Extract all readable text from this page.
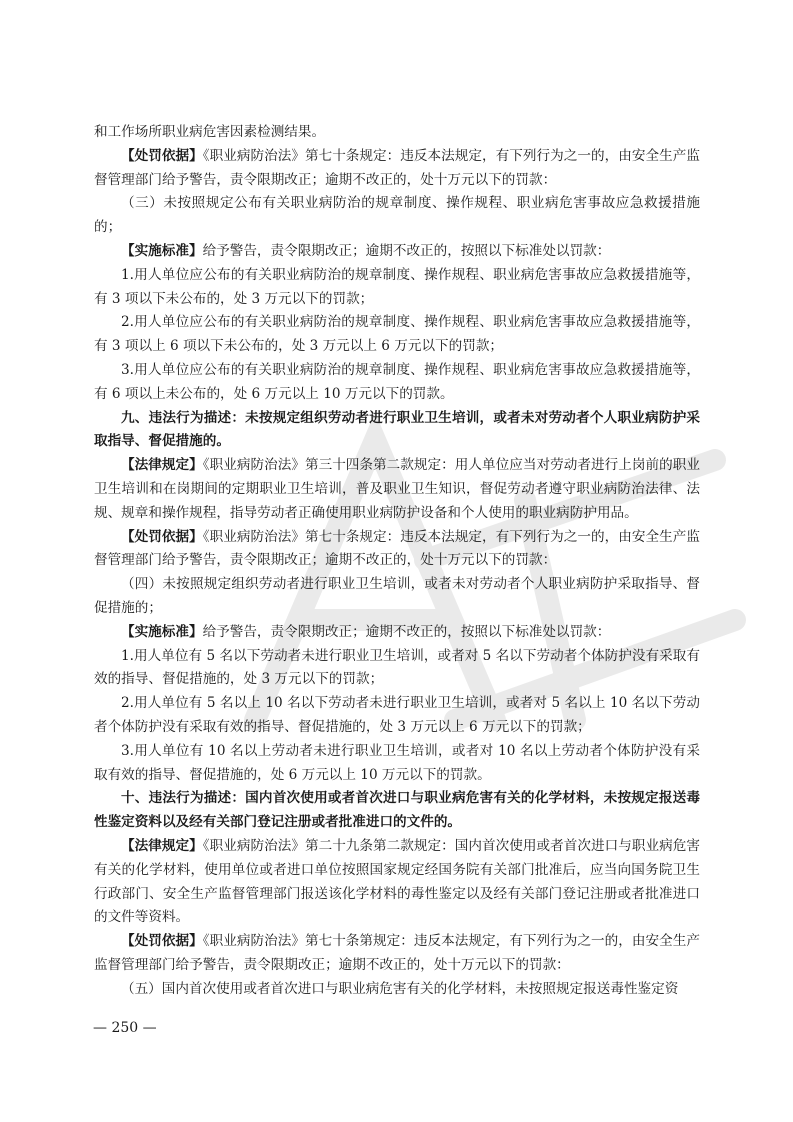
和工作场所职业病危害因素检测结果。

【处罚依据】《职业病防治法》第七十条规定：违反本法规定，有下列行为之一的，由安全生产监督管理部门给予警告，责令限期改正；逾期不改正的，处十万元以下的罚款：

（三）未按照规定公布有关职业病防治的规章制度、操作规程、职业病危害事故应急救援措施的；

【实施标准】给予警告，责令限期改正；逾期不改正的，按照以下标准处以罚款：

1.用人单位应公布的有关职业病防治的规章制度、操作规程、职业病危害事故应急救援措施等，有 3 项以下未公布的，处 3 万元以下的罚款；

2.用人单位应公布的有关职业病防治的规章制度、操作规程、职业病危害事故应急救援措施等，有 3 项以上 6 项以下未公布的，处 3 万元以上 6 万元以下的罚款；

3.用人单位应公布的有关职业病防治的规章制度、操作规程、职业病危害事故应急救援措施等，有 6 项以上未公布的，处 6 万元以上 10 万元以下的罚款。

九、违法行为描述：未按规定组织劳动者进行职业卫生培训，或者未对劳动者个人职业病防护采取指导、督促措施的。

【法律规定】《职业病防治法》第三十四条第二款规定：用人单位应当对劳动者进行上岗前的职业卫生培训和在岗期间的定期职业卫生培训，普及职业卫生知识，督促劳动者遵守职业病防治法律、法规、规章和操作规程，指导劳动者正确使用职业病防护设备和个人使用的职业病防护用品。

【处罚依据】《职业病防治法》第七十条规定：违反本法规定，有下列行为之一的，由安全生产监督管理部门给予警告，责令限期改正；逾期不改正的，处十万元以下的罚款：

（四）未按照规定组织劳动者进行职业卫生培训，或者未对劳动者个人职业病防护采取指导、督促措施的；

【实施标准】给予警告，责令限期改正；逾期不改正的，按照以下标准处以罚款：

1.用人单位有 5 名以下劳动者未进行职业卫生培训，或者对 5 名以下劳动者个体防护没有采取有效的指导、督促措施的，处 3 万元以下的罚款；

2.用人单位有 5 名以上 10 名以下劳动者未进行职业卫生培训，或者对 5 名以上 10 名以下劳动者个体防护没有采取有效的指导、督促措施的，处 3 万元以上 6 万元以下的罚款；

3.用人单位有 10 名以上劳动者未进行职业卫生培训，或者对 10 名以上劳动者个体防护没有采取有效的指导、督促措施的，处 6 万元以上 10 万元以下的罚款。

十、违法行为描述：国内首次使用或者首次进口与职业病危害有关的化学材料，未按规定报送毒性鉴定资料以及经有关部门登记注册或者批准进口的文件的。

【法律规定】《职业病防治法》第二十九条第二款规定：国内首次使用或者首次进口与职业病危害有关的化学材料，使用单位或者进口单位按照国家规定经国务院有关部门批准后，应当向国务院卫生行政部门、安全生产监督管理部门报送该化学材料的毒性鉴定以及经有关部门登记注册或者批准进口的文件等资料。

【处罚依据】《职业病防治法》第七十条第规定：违反本法规定，有下列行为之一的，由安全生产监督管理部门给予警告，责令限期改正；逾期不改正的，处十万元以下的罚款：

（五）国内首次使用或者首次进口与职业病危害有关的化学材料，未按照规定报送毒性鉴定资

— 250 —
